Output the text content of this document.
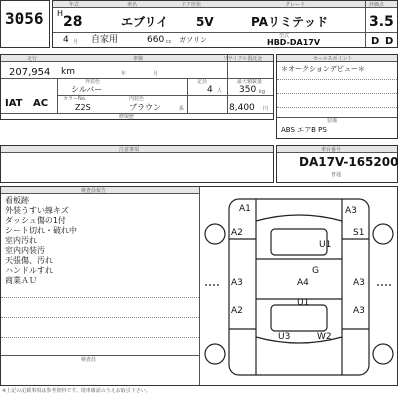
3056
年式	車名	ドア形状	グレード	評価点
H
28	エブリイ 5V	PAリミテッド	3.5
4 月 自家用	660 cc ガソリン	型式
HBD-DA17V	D D
走行	車検	リサイクル預託金
207,954 km	年	月
外装色
シルバー
定員
4 人
IAT AC
最大積載量
350 kg
カラーNo.	内装色
Z2S	ブラウン	系	8,400 円
修復歴
セールスポイント
＊オークションデビュー＊
装備
ABS エアB PS
注意事項	車台番号
DA17V-165200
普通
検査員報告
看板跡
外装うすい線キズ
ダッシュ傷の1付
シート切れ・破れ中
室内汚れ
室内内装汚
天張傷、汚れ
ハンドルすれ
商業ＡＵ
検査員
A1	A3
A2	S1
U1
G
A3	A4	A3
U1
A2	A3
U3	W2
※上記の記載事項は参考資料です。現車確認のうえお取引下さい。
